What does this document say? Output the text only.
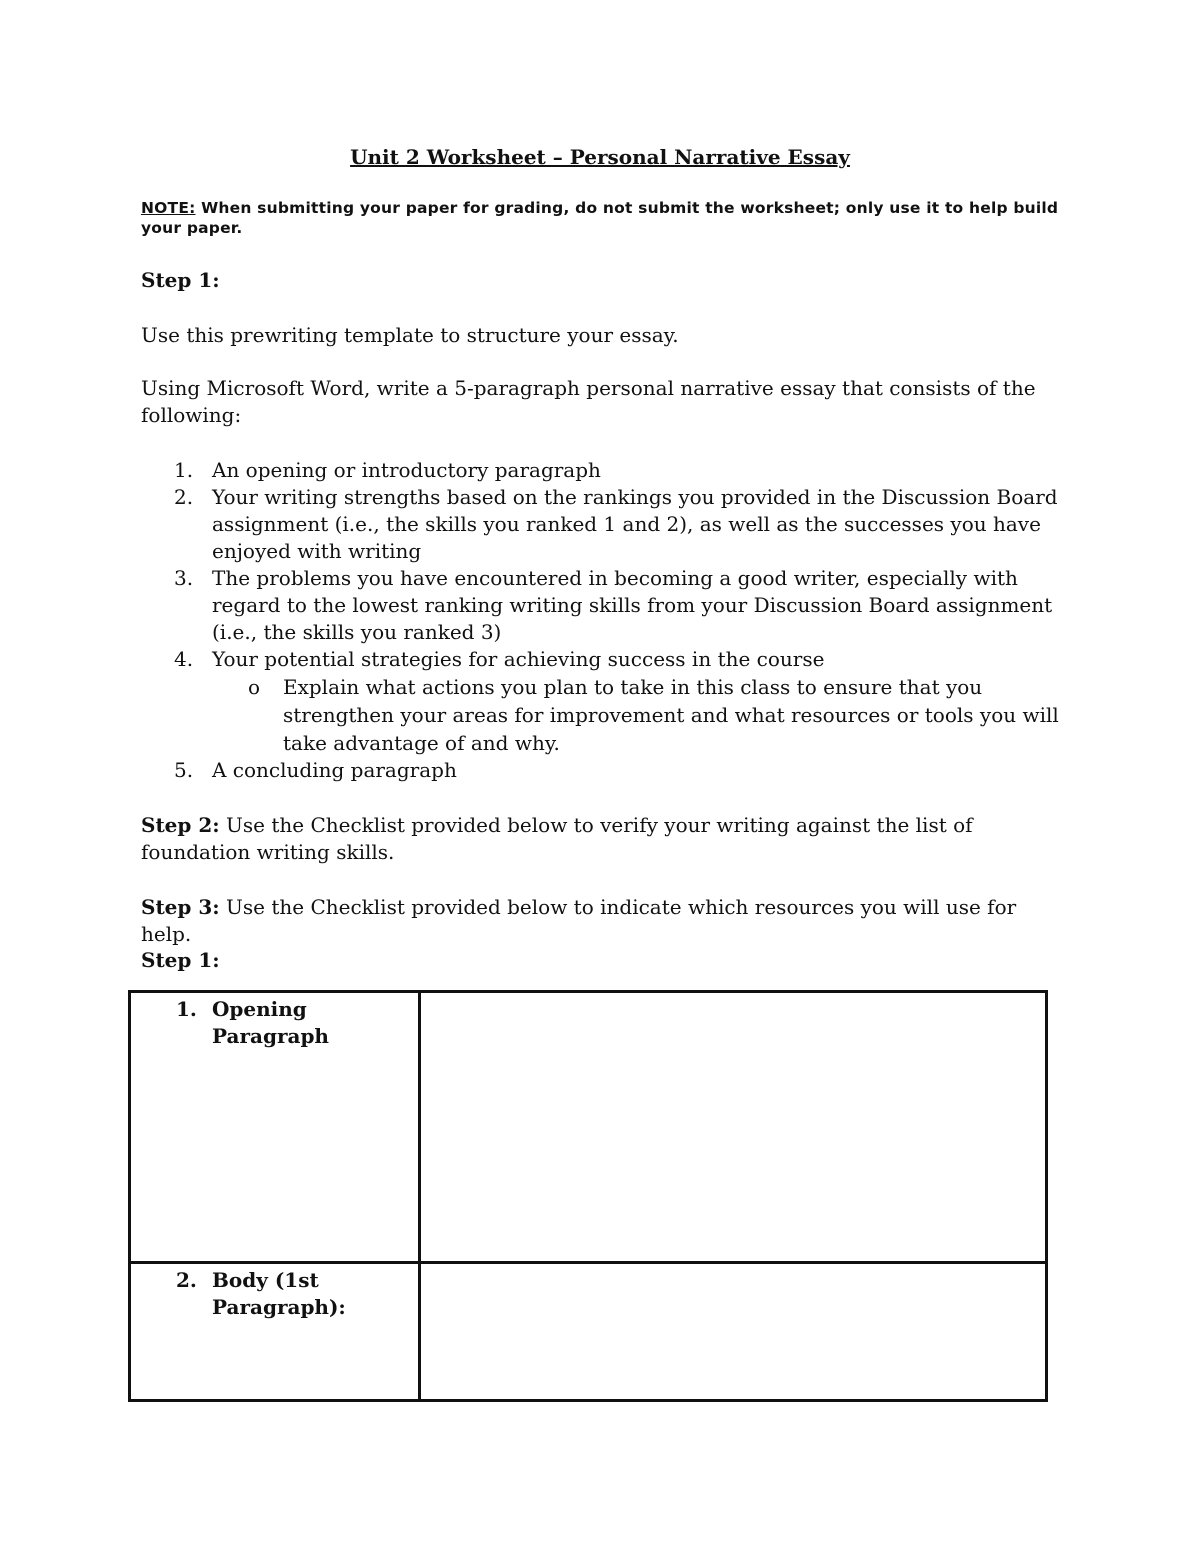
Unit 2 Worksheet – Personal Narrative Essay
NOTE: When submitting your paper for grading, do not submit the worksheet; only use it to help build your paper.
Step 1:
Use this prewriting template to structure your essay.
Using Microsoft Word, write a 5-paragraph personal narrative essay that consists of the following:
1. An opening or introductory paragraph
2. Your writing strengths based on the rankings you provided in the Discussion Board assignment (i.e., the skills you ranked 1 and 2), as well as the successes you have enjoyed with writing
3. The problems you have encountered in becoming a good writer, especially with regard to the lowest ranking writing skills from your Discussion Board assignment (i.e., the skills you ranked 3)
4. Your potential strategies for achieving success in the course
o Explain what actions you plan to take in this class to ensure that you strengthen your areas for improvement and what resources or tools you will take advantage of and why.
5. A concluding paragraph
Step 2: Use the Checklist provided below to verify your writing against the list of foundation writing skills.
Step 3: Use the Checklist provided below to indicate which resources you will use for help.
Step 1:
1. Opening Paragraph
2. Body (1st Paragraph):
